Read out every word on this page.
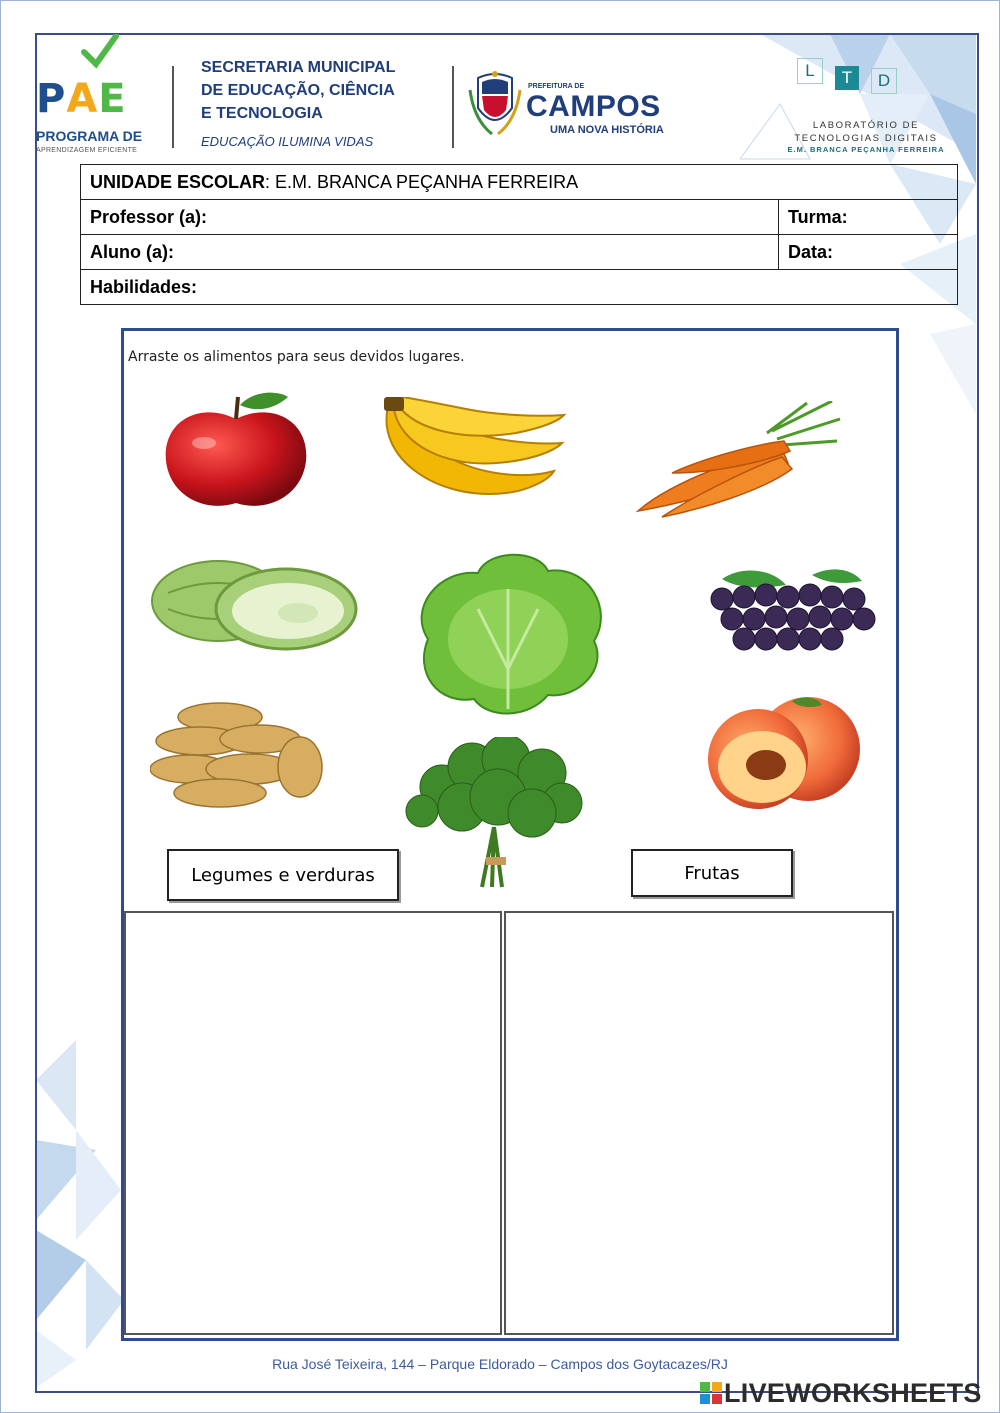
PAE
PROGRAMA DE
APRENDIZAGEM EFICIENTE
SECRETARIA MUNICIPAL
DE EDUCAÇÃO, CIÊNCIA
E TECNOLOGIA
EDUCAÇÃO ILUMINA VIDAS
PREFEITURA DE
CAMPOS
UMA NOVA HISTÓRIA
L	T	D
LABORATÓRIO DE
TECNOLOGIAS DIGITAIS
E.M. BRANCA PEÇANHA FERREIRA
UNIDADE ESCOLAR: E.M. BRANCA PEÇANHA FERREIRA	
Professor (a):	Turma:
Aluno (a):	Data:
Habilidades:	
Arraste os alimentos para seus devidos lugares.
Legumes e verduras	Frutas
Rua José Teixeira, 144 – Parque Eldorado – Campos dos Goytacazes/RJ
LIVEWORKSHEETS
